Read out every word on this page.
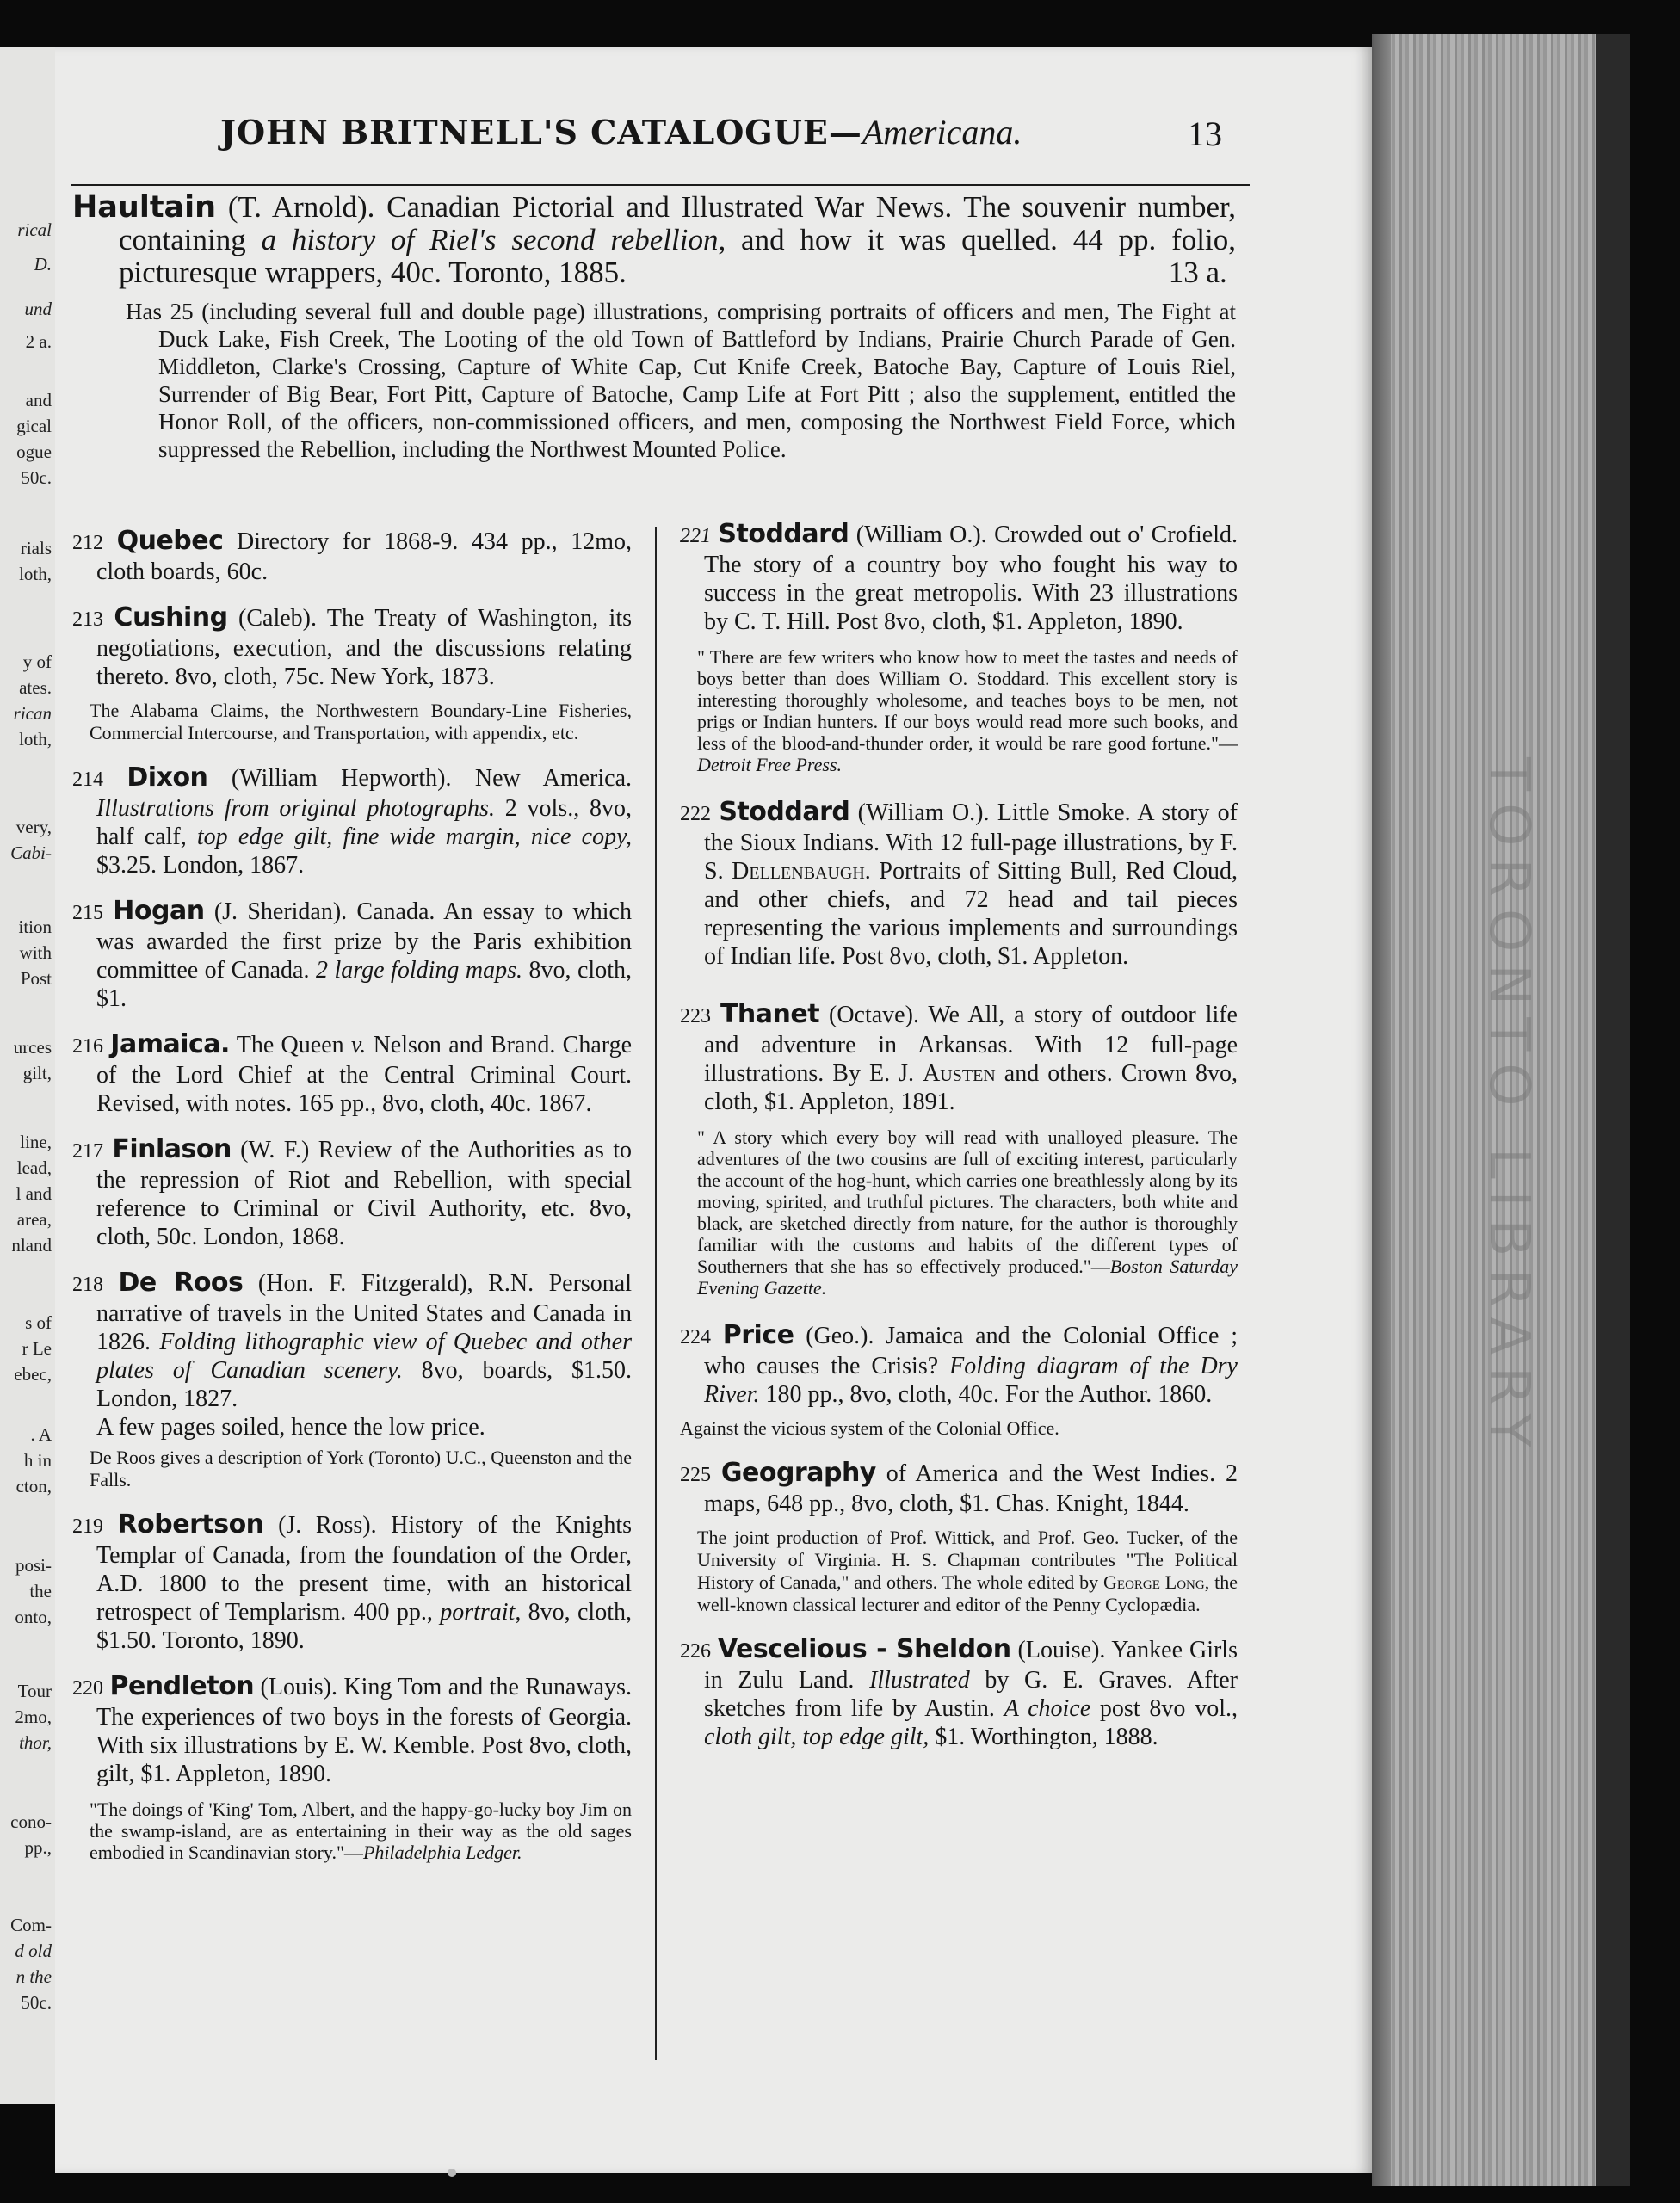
rical
D.
und
2 a.
and
gical
ogue
50c.
rials
loth,
y of
ates.
rican
loth,
very,
Cabi-
ition
with
Post
urces
gilt,
line,
lead,
l and
area,
nland
s of
r Le
ebec,
. A
h in
cton,
posi-
the
onto,
Tour
2mo,
thor,
cono-
pp.,
Com-
d old
n the
50c.
TORONTO LIBRARY
JOHN BRITNELL'S CATALOGUE—Americana.	13
Haultain (T. Arnold). Canadian Pictorial and Illustrated War News. The souvenir number, containing a history of Riel's second rebellion, and how it was quelled. 44 pp. folio, picturesque wrappers, 40c. Toronto, 1885.	13 a.
Has 25 (including several full and double page) illustrations, comprising portraits of officers and men, The Fight at Duck Lake, Fish Creek, The Looting of the old Town of Battleford by Indians, Prairie Church Parade of Gen. Middleton, Clarke's Crossing, Capture of White Cap, Cut Knife Creek, Batoche Bay, Capture of Louis Riel, Surrender of Big Bear, Fort Pitt, Capture of Batoche, Camp Life at Fort Pitt ; also the supplement, entitled the Honor Roll, of the officers, non-commissioned officers, and men, composing the Northwest Field Force, which suppressed the Rebellion, including the Northwest Mounted Police.
212 Quebec Directory for 1868-9. 434 pp., 12mo, cloth boards, 60c.
213 Cushing (Caleb). The Treaty of Washington, its negotiations, execution, and the discussions relating thereto. 8vo, cloth, 75c. New York, 1873.
The Alabama Claims, the Northwestern Boundary-Line Fisheries, Commercial Intercourse, and Transportation, with appendix, etc.
214 Dixon (William Hepworth). New America. Illustrations from original photographs. 2 vols., 8vo, half calf, top edge gilt, fine wide margin, nice copy, $3.25. London, 1867.
215 Hogan (J. Sheridan). Canada. An essay to which was awarded the first prize by the Paris exhibition committee of Canada. 2 large folding maps. 8vo, cloth, $1.
216 Jamaica. The Queen v. Nelson and Brand. Charge of the Lord Chief at the Central Criminal Court. Revised, with notes. 165 pp., 8vo, cloth, 40c. 1867.
217 Finlason (W. F.) Review of the Authorities as to the repression of Riot and Rebellion, with special reference to Criminal or Civil Authority, etc. 8vo, cloth, 50c. London, 1868.
218 De Roos (Hon. F. Fitzgerald), R.N. Personal narrative of travels in the United States and Canada in 1826. Folding lithographic view of Quebec and other plates of Canadian scenery. 8vo, boards, $1.50. London, 1827.
A few pages soiled, hence the low price.
De Roos gives a description of York (Toronto) U.C., Queenston and the Falls.
219 Robertson (J. Ross). History of the Knights Templar of Canada, from the foundation of the Order, A.D. 1800 to the present time, with an historical retrospect of Templarism. 400 pp., portrait, 8vo, cloth, $1.50. Toronto, 1890.
220 Pendleton (Louis). King Tom and the Runaways. The experiences of two boys in the forests of Georgia. With six illustrations by E. W. Kemble. Post 8vo, cloth, gilt, $1. Appleton, 1890.
"The doings of 'King' Tom, Albert, and the happy-go-lucky boy Jim on the swamp-island, are as entertaining in their way as the old sages embodied in Scandinavian story."—Philadelphia Ledger.
221 Stoddard (William O.). Crowded out o' Crofield. The story of a country boy who fought his way to success in the great metropolis. With 23 illustrations by C. T. Hill. Post 8vo, cloth, $1. Appleton, 1890.
" There are few writers who know how to meet the tastes and needs of boys better than does William O. Stoddard. This excellent story is interesting thoroughly wholesome, and teaches boys to be men, not prigs or Indian hunters. If our boys would read more such books, and less of the blood-and-thunder order, it would be rare good fortune."—Detroit Free Press.
222 Stoddard (William O.). Little Smoke. A story of the Sioux Indians. With 12 full-page illustrations, by F. S. Dellenbaugh. Portraits of Sitting Bull, Red Cloud, and other chiefs, and 72 head and tail pieces representing the various implements and surroundings of Indian life. Post 8vo, cloth, $1. Appleton.
223 Thanet (Octave). We All, a story of outdoor life and adventure in Arkansas. With 12 full-page illustrations. By E. J. Austen and others. Crown 8vo, cloth, $1. Appleton, 1891.
" A story which every boy will read with unalloyed pleasure. The adventures of the two cousins are full of exciting interest, particularly the account of the hog-hunt, which carries one breathlessly along by its moving, spirited, and truthful pictures. The characters, both white and black, are sketched directly from nature, for the author is thoroughly familiar with the customs and habits of the different types of Southerners that she has so effectively produced."—Boston Saturday Evening Gazette.
224 Price (Geo.). Jamaica and the Colonial Office ; who causes the Crisis? Folding diagram of the Dry River. 180 pp., 8vo, cloth, 40c. For the Author. 1860.
Against the vicious system of the Colonial Office.
225 Geography of America and the West Indies. 2 maps, 648 pp., 8vo, cloth, $1. Chas. Knight, 1844.
The joint production of Prof. Wittick, and Prof. Geo. Tucker, of the University of Virginia. H. S. Chapman contributes "The Political History of Canada," and others. The whole edited by George Long, the well-known classical lecturer and editor of the Penny Cyclopædia.
226 Vescelious - Sheldon (Louise). Yankee Girls in Zulu Land. Illustrated by G. E. Graves. After sketches from life by Austin. A choice post 8vo vol., cloth gilt, top edge gilt, $1. Worthington, 1888.
